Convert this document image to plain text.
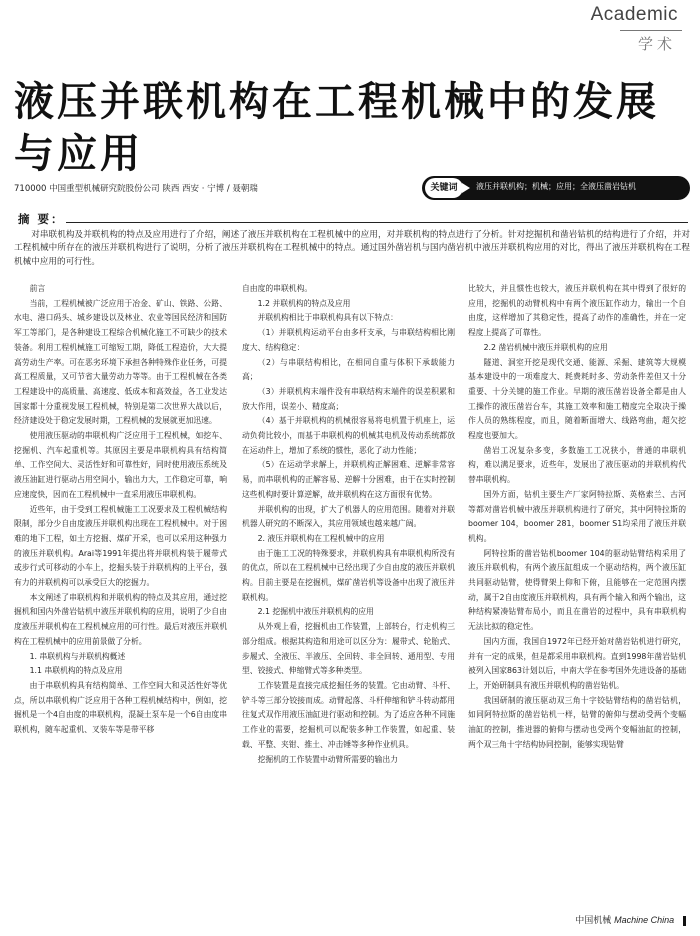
Academic
学术
液压并联机构在工程机械中的发展与应用
710000 中国重型机械研究院股份公司 陕西 西安 · 宁博 / 聂朝瑞	关键词	液压并联机构；机械；应用；全液压凿岩钻机
摘 要：

对串联机构及并联机构的特点及应用进行了介绍，阐述了液压并联机构在工程机械中的应用，对并联机构的特点进行了分析。针对挖掘机和凿岩钻机的结构进行了介绍，并对工程机械中所存在的液压并联机构进行了说明，分析了液压并联机构在工程机械中的特点。通过国外凿岩机与国内凿岩机中液压并联机构应用的对比，得出了液压并联机构在工程机械中应用的可行性。

前言

当前，工程机械被广泛应用于冶金、矿山、铁路、公路、水电、港口码头、城乡建设以及林业、农业等国民经济和国防军工等部门，是各种建设工程综合机械化施工不可缺少的技术装备。利用工程机械施工可缩短工期，降低工程造价，大大提高劳动生产率。可在恶劣环境下承担各种特殊作业任务，可提高工程质量，又可节省大量劳动力等等。由于工程机械在各类工程建设中的高质量、高速度、低成本和高效益，各工业发达国家都十分重视发展工程机械，特别是第二次世界大战以后，经济建设处于稳定发展时期，工程机械的发展就更加迅速。

使用液压驱动的串联机构广泛应用于工程机械，如挖车、挖掘机、汽车起重机等。其原因主要是串联机构具有结构简单、工作空间大、灵活性好和可靠性好，同时使用液压系统及液压油缸进行驱动占用空间小，输出力大，工作稳定可靠，响应速度快，因而在工程机械中一直采用液压串联机构。

近些年，由于受到工程机械施工工况要求及工程机械结构限制，部分少自由度液压并联机构出现在工程机械中。对于困难的地下工程，如土方挖掘、煤矿开采，也可以采用这种强力的液压并联机构。Arai等1991年提出将并联机构装于履带式或步行式可移动的小车上，挖掘头装于并联机构的上平台，强有力的并联机构可以承受巨大的挖掘力。

本文阐述了串联机构和并联机构的特点及其应用，通过挖掘机和国内外凿岩钻机中液压并联机构的应用，说明了少自由度液压并联机构在工程机械应用的可行性。最后对液压并联机构在工程机械中的应用前景做了分析。

1. 串联机构与并联机构概述

1.1 串联机构的特点及应用

由于串联机构具有结构简单、工作空间大和灵活性好等优点，所以串联机构广泛应用于各种工程机械结构中，例如，挖掘机是一个4自由度的串联机构，混凝土泵车是一个6自由度串联机构，随车起重机、叉装车等是带平移

自由度的串联机构。

1.2 并联机构的特点及应用

并联机构相比于串联机构具有以下特点：

（1）并联机构运动平台由多杆支承，与串联结构相比刚度大、结构稳定：

（2）与串联结构相比，在相同自重与体积下承载能力高；

（3）并联机构末端件没有串联结构末端件的误差积累和放大作用，误差小、精度高；

（4）基于并联机构的机械很容易将电机置于机座上，运动负荷比较小，而基于串联机构的机械其电机及传动系统都放在运动件上，增加了系统的惯性，恶化了动力性能；

（5）在运动学求解上，并联机构正解困难、逆解非常容易，而串联机构的正解容易、逆解十分困难，由于在实时控制这些机构时要计算逆解，故并联机构在这方面很有优势。

并联机构的出现，扩大了机器人的应用范围。随着对并联机器人研究的不断深入，其应用领域也越来越广阔。

2. 液压并联机构在工程机械中的应用

由于施工工况的特殊要求，并联机构具有串联机构所没有的优点，所以在工程机械中已经出现了少自由度的液压并联机构。目前主要是在挖掘机，煤矿凿岩机等设备中出现了液压并联机构。

2.1 挖掘机中液压并联机构的应用

从外观上看，挖掘机由工作装置，上部转台，行走机构三部分组成。根据其构造和用途可以区分为：履带式、轮胎式、步履式、全液压、半液压、全回转、非全回转、通用型、专用型、铰接式、伸缩臂式等多种类型。

工作装置是直接完成挖掘任务的装置。它由动臂、斗杆、铲斗等三部分铰接而成。动臂起落、斗杆伸缩和铲斗转动都用往复式双作用液压油缸进行驱动和控制。为了适应各种不同施工作业的需要，挖掘机可以配装多种工作装置，如起重、装载、平整、夹钳、推土、冲击锤等多种作业机具。

挖掘机的工作装置中动臂所需要的输出力

比较大，并且惯性也较大，液压并联机构在其中得到了很好的应用，挖掘机的动臂机构中有两个液压缸作动力，输出一个自由度，这样增加了其稳定性，提高了动作的准确性，并在一定程度上提高了可靠性。

2.2 凿岩机械中液压并联机构的应用

隧道、洞室开挖是现代交通、能源、采掘、建筑等大规模基本建设中的一项难度大、耗费耗时多、劳动条件差但又十分重要、十分关键的施工作业。早期的液压凿岩设备全都是由人工操作的液压凿岩台车，其施工效率和施工精度完全取决于操作人员的熟练程度，而且，随着断面增大、线路弯曲，超欠挖程度也要加大。

凿岩工况复杂多变，多数施工工况狭小，普通的串联机构，难以满足要求，近些年，发展出了液压驱动的并联机构代替串联机构。

国外方面，钻机主要生产厂家阿特拉斯、英格索兰、古河等都对凿岩机械中液压并联机构进行了研究，其中阿特拉斯的boomer 104，boomer 281，boomer S1均采用了液压并联机构。

阿特拉斯的凿岩钻机boomer 104的驱动钻臂结构采用了液压并联机构，有两个液压缸组成一个驱动结构，两个液压缸共同驱动钻臂，使得臂架上仰和下俯，且能够在一定范围内摆动，属于2自由度液压并联机构，具有两个输入和两个输出，这种结构紧凑钻臂布局小，而且在凿岩的过程中，具有串联机构无法比拟的稳定性。

国内方面，我国自1972年已经开始对凿岩钻机进行研究，并有一定的成果，但是都采用串联机构。直到1998年凿岩钻机被列入国家863计划以后，中南大学在参考国外先进设备的基础上，开始研制具有液压并联机构的凿岩钻机。

我国研制的液压驱动双三角十字铰钻臂结构的凿岩钻机，如同阿特拉斯的凿岩钻机一样，钻臂的俯仰与摆动受两个变幅油缸的控制，推进器的俯仰与摆动也受两个变幅油缸的控制，两个双三角十字结构协同控制，能够实现钻臂

中国机械 Machine China
